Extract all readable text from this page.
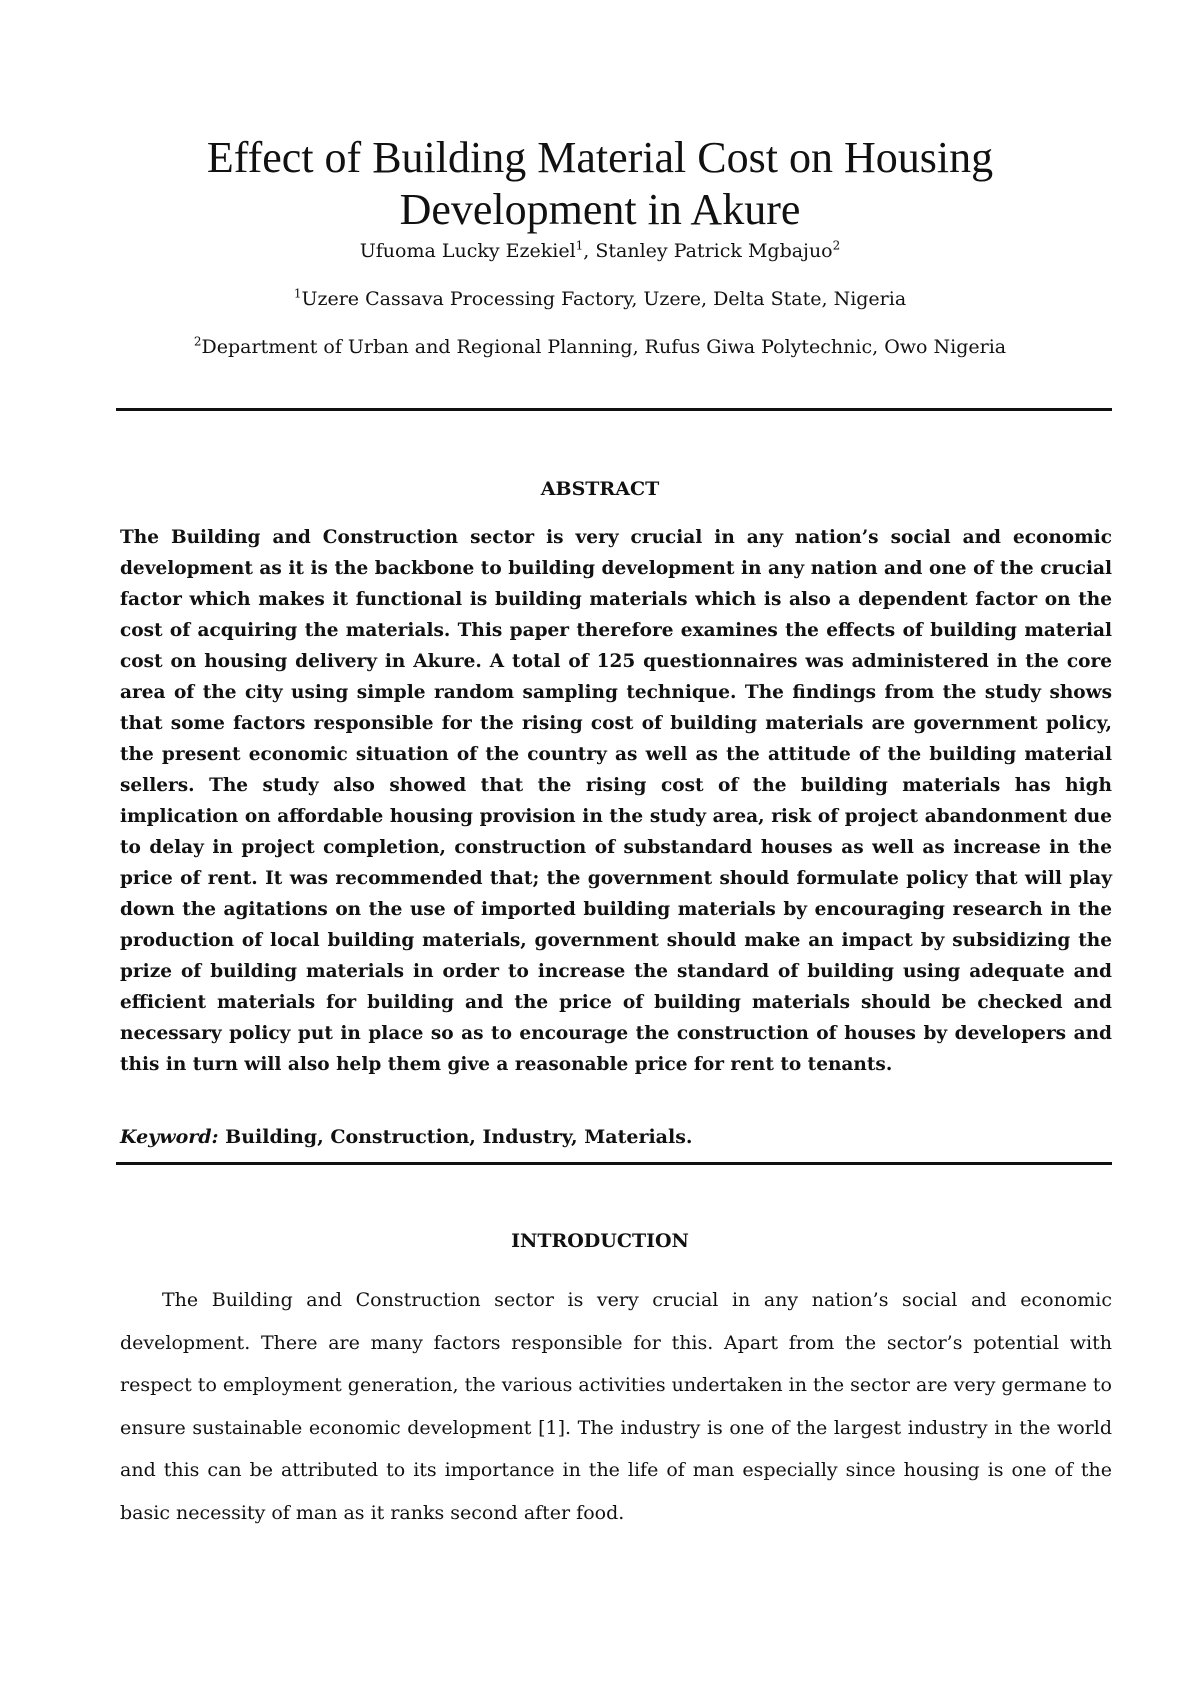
Effect of Building Material Cost on Housing
Development in Akure

Ufuoma Lucky Ezekiel$^1$, Stanley Patrick Mgbajuo$^2$

$^1$Uzere Cassava Processing Factory, Uzere, Delta State, Nigeria

$^2$Department of Urban and Regional Planning, Rufus Giwa Polytechnic, Owo Nigeria

ABSTRACT

The Building and Construction sector is very crucial in any nation’s social and economic development as it is the backbone to building development in any nation and one of the crucial factor which makes it functional is building materials which is also a dependent factor on the cost of acquiring the materials. This paper therefore examines the effects of building material cost on housing delivery in Akure. A total of 125 questionnaires was administered in the core area of the city using simple random sampling technique. The findings from the study shows that some factors responsible for the rising cost of building materials are government policy, the present economic situation of the country as well as the attitude of the building material sellers. The study also showed that the rising cost of the building materials has high implication on affordable housing provision in the study area, risk of project abandonment due to delay in project completion, construction of substandard houses as well as increase in the price of rent. It was recommended that; the government should formulate policy that will play down the agitations on the use of imported building materials by encouraging research in the production of local building materials, government should make an impact by subsidizing the prize of building materials in order to increase the standard of building using adequate and efficient materials for building and the price of building materials should be checked and necessary policy put in place so as to encourage the construction of houses by developers and this in turn will also help them give a reasonable price for rent to tenants.

Keyword: Building, Construction, Industry, Materials.

INTRODUCTION

The Building and Construction sector is very crucial in any nation’s social and economic development. There are many factors responsible for this. Apart from the sector’s potential with respect to employment generation, the various activities undertaken in the sector are very germane to ensure sustainable economic development [1]. The industry is one of the largest industry in the world and this can be attributed to its importance in the life of man especially since housing is one of the basic necessity of man as it ranks second after food.
